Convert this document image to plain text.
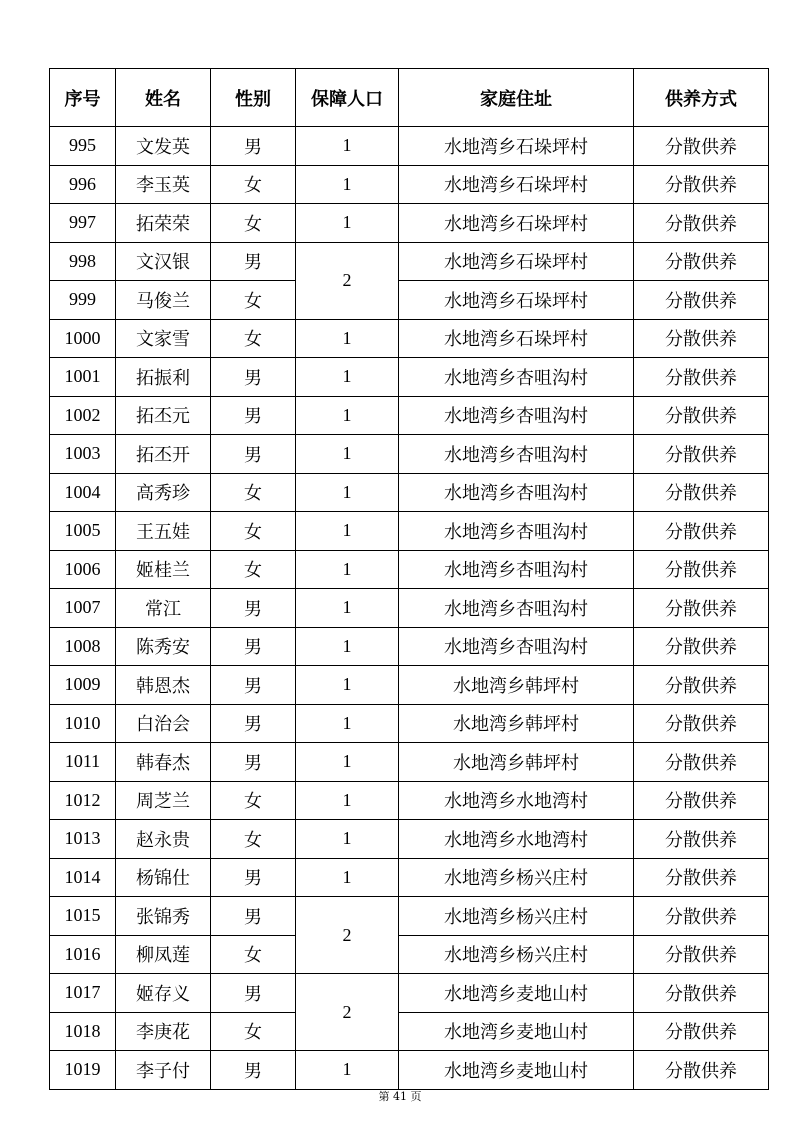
序号	姓名	性别	保障人口	家庭住址	供养方式
995	文发英	男	1	水地湾乡石垛坪村	分散供养
996	李玉英	女	1	水地湾乡石垛坪村	分散供养
997	拓荣荣	女	1	水地湾乡石垛坪村	分散供养
998	文汉银	男	2	水地湾乡石垛坪村	分散供养
999	马俊兰	女		水地湾乡石垛坪村	分散供养
1000	文家雪	女	1	水地湾乡石垛坪村	分散供养
1001	拓振利	男	1	水地湾乡杏咀沟村	分散供养
1002	拓丕元	男	1	水地湾乡杏咀沟村	分散供养
1003	拓丕开	男	1	水地湾乡杏咀沟村	分散供养
1004	高秀珍	女	1	水地湾乡杏咀沟村	分散供养
1005	王五娃	女	1	水地湾乡杏咀沟村	分散供养
1006	姬桂兰	女	1	水地湾乡杏咀沟村	分散供养
1007	常江	男	1	水地湾乡杏咀沟村	分散供养
1008	陈秀安	男	1	水地湾乡杏咀沟村	分散供养
1009	韩恩杰	男	1	水地湾乡韩坪村	分散供养
1010	白治会	男	1	水地湾乡韩坪村	分散供养
1011	韩春杰	男	1	水地湾乡韩坪村	分散供养
1012	周芝兰	女	1	水地湾乡水地湾村	分散供养
1013	赵永贵	女	1	水地湾乡水地湾村	分散供养
1014	杨锦仕	男	1	水地湾乡杨兴庄村	分散供养
1015	张锦秀	男	2	水地湾乡杨兴庄村	分散供养
1016	柳凤莲	女		水地湾乡杨兴庄村	分散供养
1017	姬存义	男	2	水地湾乡麦地山村	分散供养
1018	李庚花	女		水地湾乡麦地山村	分散供养
1019	李子付	男	1	水地湾乡麦地山村	分散供养
第 41 页
